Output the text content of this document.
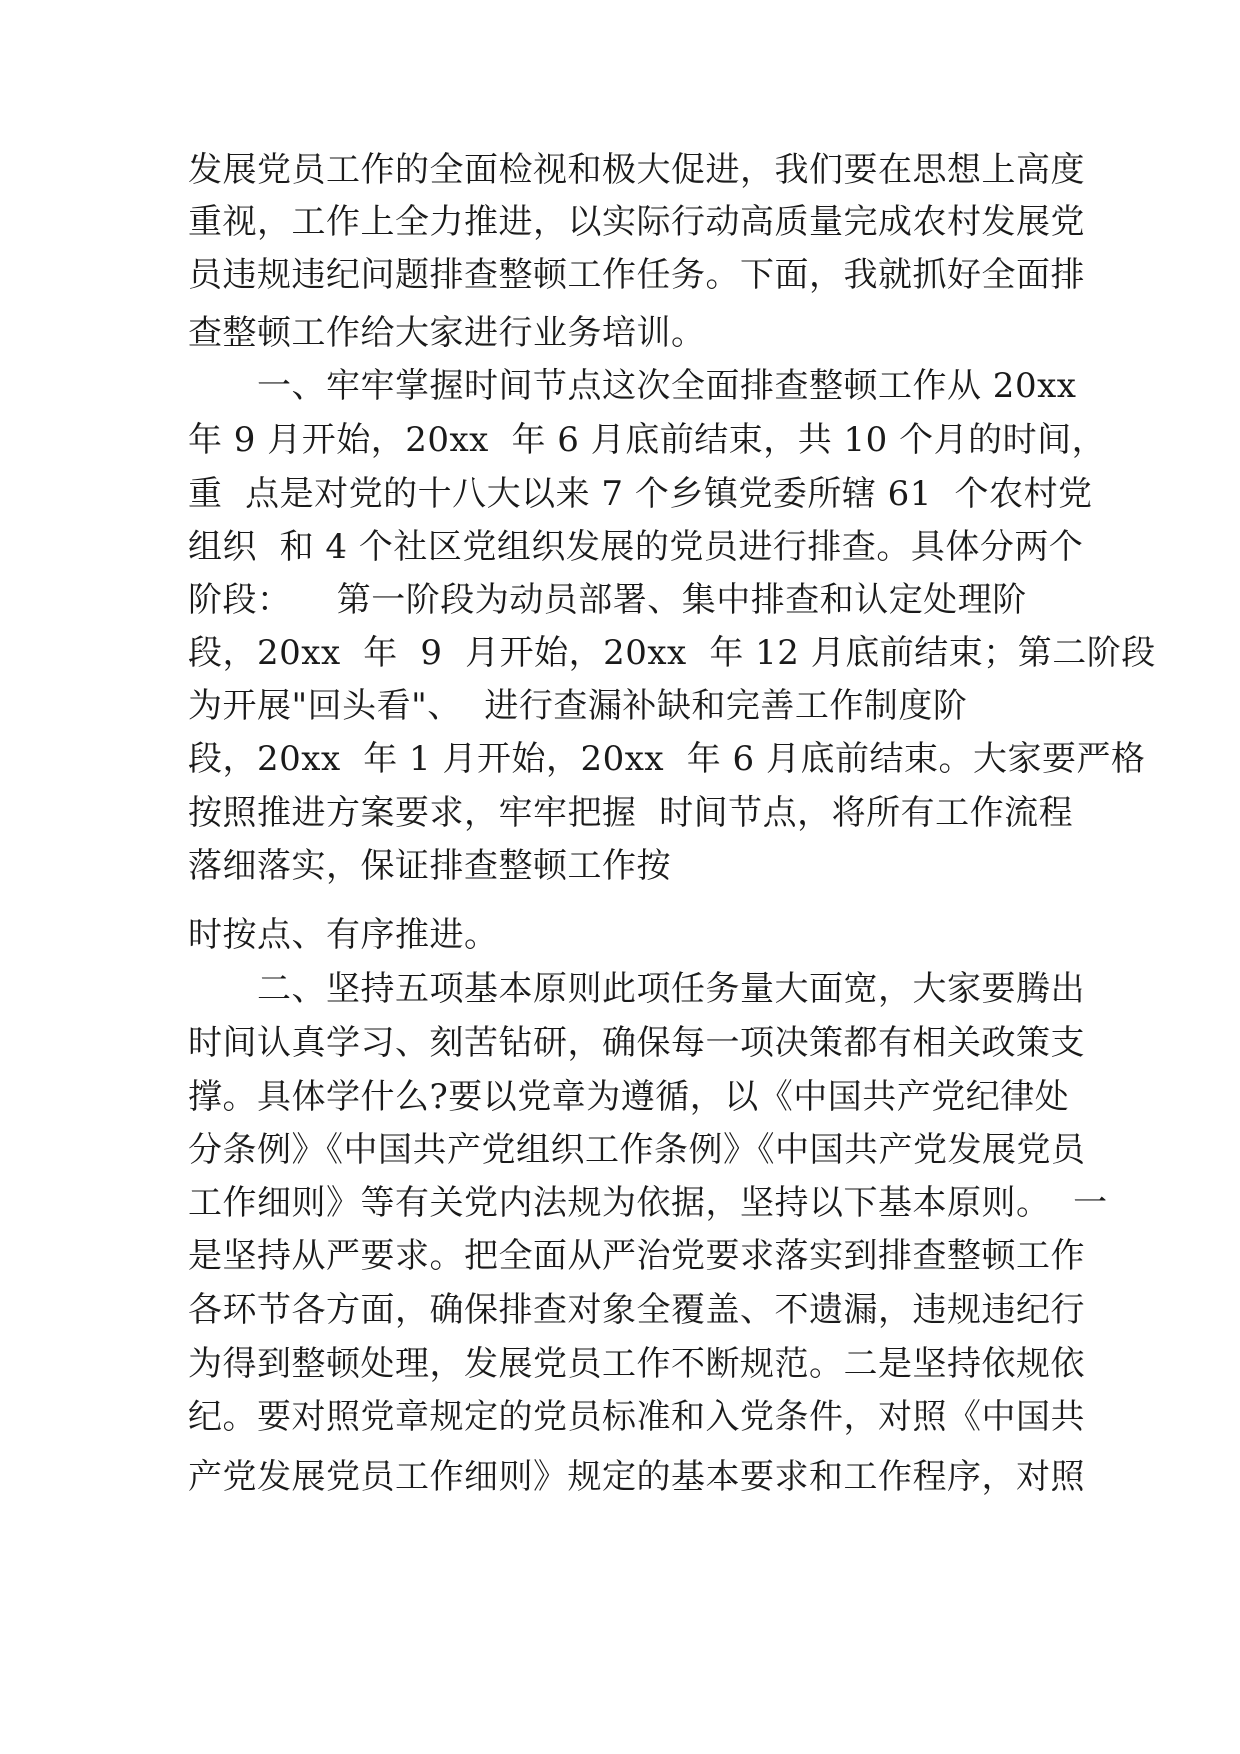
发展党员工作的全面检视和极大促进，我们要在思想上高度
重视，工作上全力推进，以实际行动高质量完成农村发展党
员违规违纪问题排查整顿工作任务。下面，我就抓好全面排
查整顿工作给大家进行业务培训。
　　一、牢牢掌握时间节点这次全面排查整顿工作从 20xx
年 9 月开始，20xx  年 6 月底前结束，共 10 个月的时间，
重  点是对党的十八大以来 7 个乡镇党委所辖 61  个农村党
组织  和 4 个社区党组织发展的党员进行排查。具体分两个
阶段：    第一阶段为动员部署、集中排查和认定处理阶
段，20xx  年  9  月开始，20xx  年 12 月底前结束；第二阶段
为开展"回头看"、  进行查漏补缺和完善工作制度阶
段，20xx  年 1 月开始，20xx  年 6 月底前结束。大家要严格
按照推进方案要求，牢牢把握  时间节点，将所有工作流程
落细落实，保证排查整顿工作按
时按点、有序推进。
　　二、坚持五项基本原则此项任务量大面宽，大家要腾出
时间认真学习、刻苦钻研，确保每一项决策都有相关政策支
撑。具体学什么?要以党章为遵循，以《中国共产党纪律处
分条例》《中国共产党组织工作条例》《中国共产党发展党员
工作细则》等有关党内法规为依据，坚持以下基本原则。  一
是坚持从严要求。把全面从严治党要求落实到排查整顿工作
各环节各方面，确保排查对象全覆盖、不遗漏，违规违纪行
为得到整顿处理，发展党员工作不断规范。二是坚持依规依
纪。要对照党章规定的党员标准和入党条件，对照《中国共
产党发展党员工作细则》规定的基本要求和工作程序，对照
